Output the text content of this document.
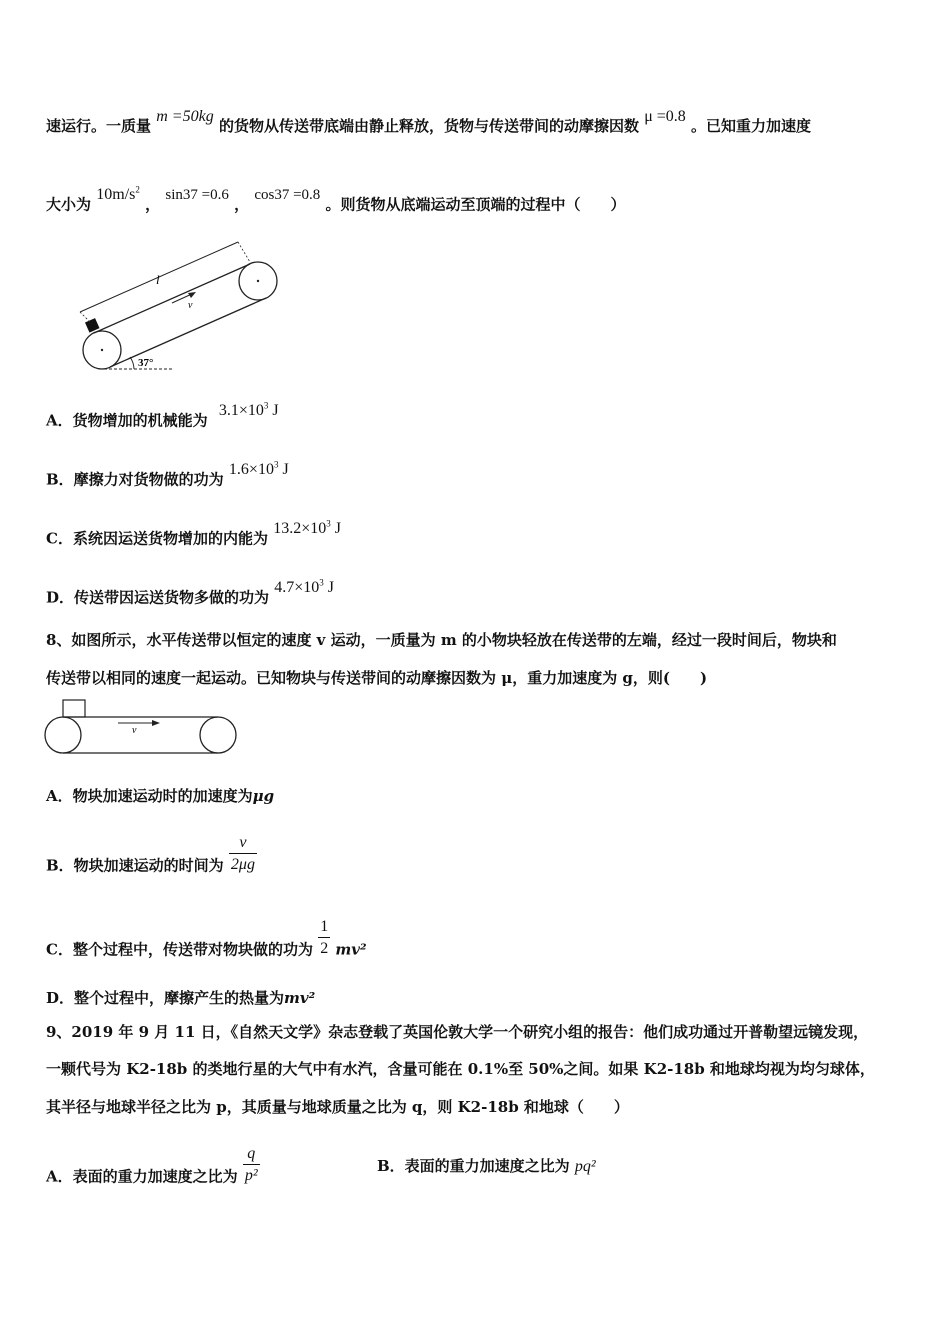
速运行。一质量 m =50kg 的货物从传送带底端由静止释放，货物与传送带间的动摩擦因数 μ =0.8 。已知重力加速度
大小为 $10m/s^2$ ， sin37 =0.6 ， cos37 =0.8 。则货物从底端运动至顶端的过程中（　　）
l
v
37°
A．货物增加的机械能为 $3.1\times 10^3$ J
B．摩擦力对货物做的功为 $1.6\times 10^3$ J
C．系统因运送货物增加的内能为 $13.2\times 10^3$ J
D．传送带因运送货物多做的功为 $4.7\times 10^3$ J
8、如图所示，水平传送带以恒定的速度 v 运动，一质量为 m 的小物块轻放在传送带的左端，经过一段时间后，物块和
传送带以相同的速度一起运动。已知物块与传送带间的动摩擦因数为 μ，重力加速度为 g，则(　　)
v
A．物块加速运动时的加速度为μg
B．物块加速运动的时间为 $\frac{v}{2\mu g}$
C．整个过程中，传送带对物块做的功为 $\frac{1}{2} mv^2$
D．整个过程中，摩擦产生的热量为mv²
9、2019 年 9 月 11 日，《自然天文学》杂志登载了英国伦敦大学一个研究小组的报告：他们成功通过开普勒望远镜发现，
一颗代号为 K2-18b 的类地行星的大气中有水汽，含量可能在 0.1%至 50%之间。如果 K2-18b 和地球均视为均匀球体，
其半径与地球半径之比为 p，其质量与地球质量之比为 q，则 K2-18b 和地球（　　）
A．表面的重力加速度之比为 $\frac{q}{\text{p²}}$	B．表面的重力加速度之比为 pq²
